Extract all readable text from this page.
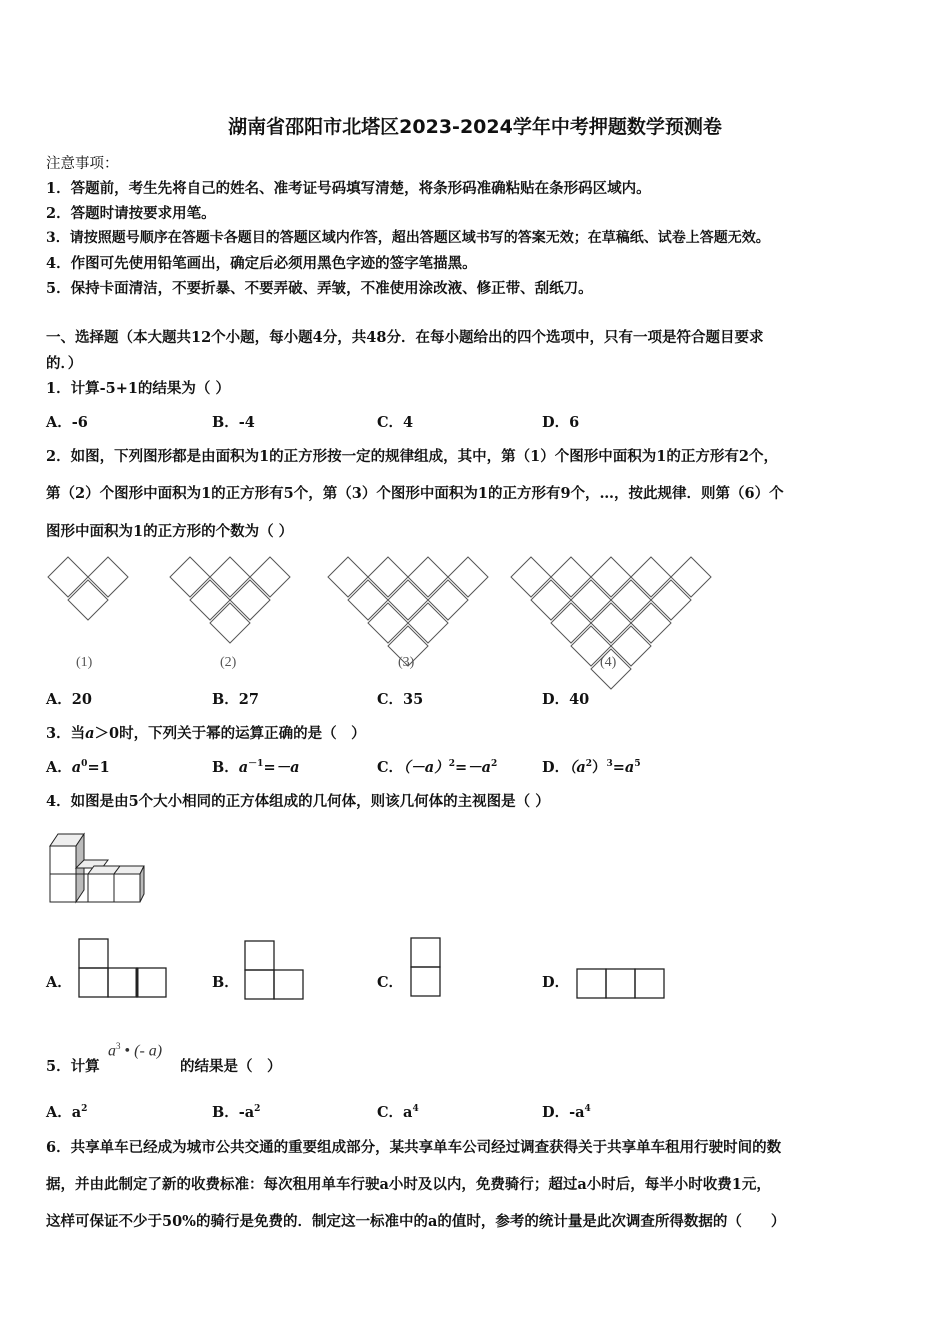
湖南省邵阳市北塔区2023-2024学年中考押题数学预测卷
注意事项：
1．答题前，考生先将自己的姓名、准考证号码填写清楚，将条形码准确粘贴在条形码区域内。
2．答题时请按要求用笔。
3．请按照题号顺序在答题卡各题目的答题区域内作答，超出答题区域书写的答案无效；在草稿纸、试卷上答题无效。
4．作图可先使用铅笔画出，确定后必须用黑色字迹的签字笔描黑。
5．保持卡面清洁，不要折暴、不要弄破、弄皱，不准使用涂改液、修正带、刮纸刀。
一、选择题（本大题共12个小题，每小题4分，共48分．在每小题给出的四个选项中，只有一项是符合题目要求
的．）
1．计算-5+1的结果为（ ）
A．-6	B．-4	C．4	D．6
2．如图，下列图形都是由面积为1的正方形按一定的规律组成，其中，第（1）个图形中面积为1的正方形有2个，
第（2）个图形中面积为1的正方形有5个，第（3）个图形中面积为1的正方形有9个，…，按此规律．则第（6）个
图形中面积为1的正方形的个数为（ ）
(1)	(2)	(3)	(4)
A．20	B．27	C．35	D．40
3．当a＞0时，下列关于幂的运算正确的是（　）
A．$a^0=1$	B．$a^{-1}=-a$	C．$(-a)^2=-a^2$	D．$(a^2)^3=a^5$
4．如图是由5个大小相同的正方体组成的几何体，则该几何体的主视图是（ ）
A．	B．	C．	D．
5．计算
$a^3$ • (- a)
的结果是（　）
A．$a^2$	B．$-a^2$	C．$a^4$	D．$-a^4$
6．共享单车已经成为城市公共交通的重要组成部分，某共享单车公司经过调查获得关于共享单车租用行驶时间的数
据，并由此制定了新的收费标准：每次租用单车行驶a小时及以内，免费骑行；超过a小时后，每半小时收费1元，
这样可保证不少于50%的骑行是免费的．制定这一标准中的a的值时，参考的统计量是此次调查所得数据的（　　）
